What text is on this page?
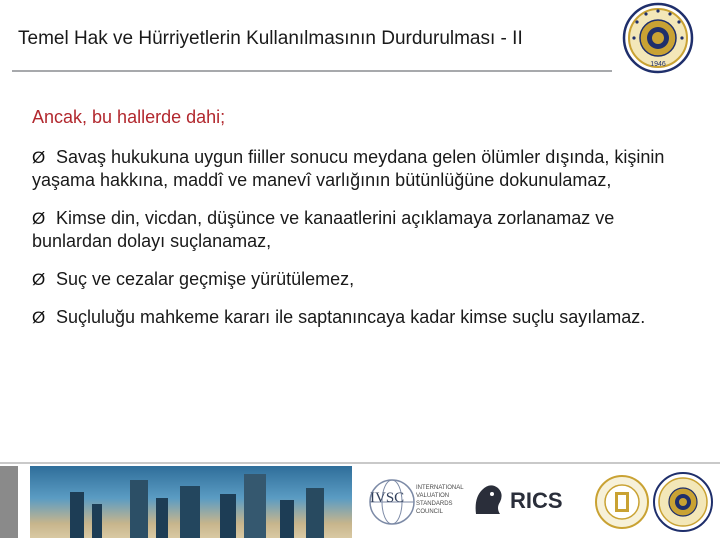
Temel Hak ve Hürriyetlerin Kullanılmasının Durdurulması - II
1946

Ancak, bu hallerde dahi;

Ø Savaş hukukuna uygun fiiller sonucu meydana gelen ölümler dışında, kişinin yaşama hakkına, maddî ve manevî varlığının bütünlüğüne dokunulamaz,

Ø Kimse din, vicdan, düşünce ve kanaatlerini açıklamaya zorlanamaz ve bunlardan dolayı suçlanamaz,

Ø Suç ve cezalar geçmişe yürütülemez,

Ø Suçluluğu mahkeme kararı ile saptanıncaya kadar kimse suçlu sayılamaz.

IVSC
INTERNATIONAL VALUATION STANDARDS COUNCIL	RICS
